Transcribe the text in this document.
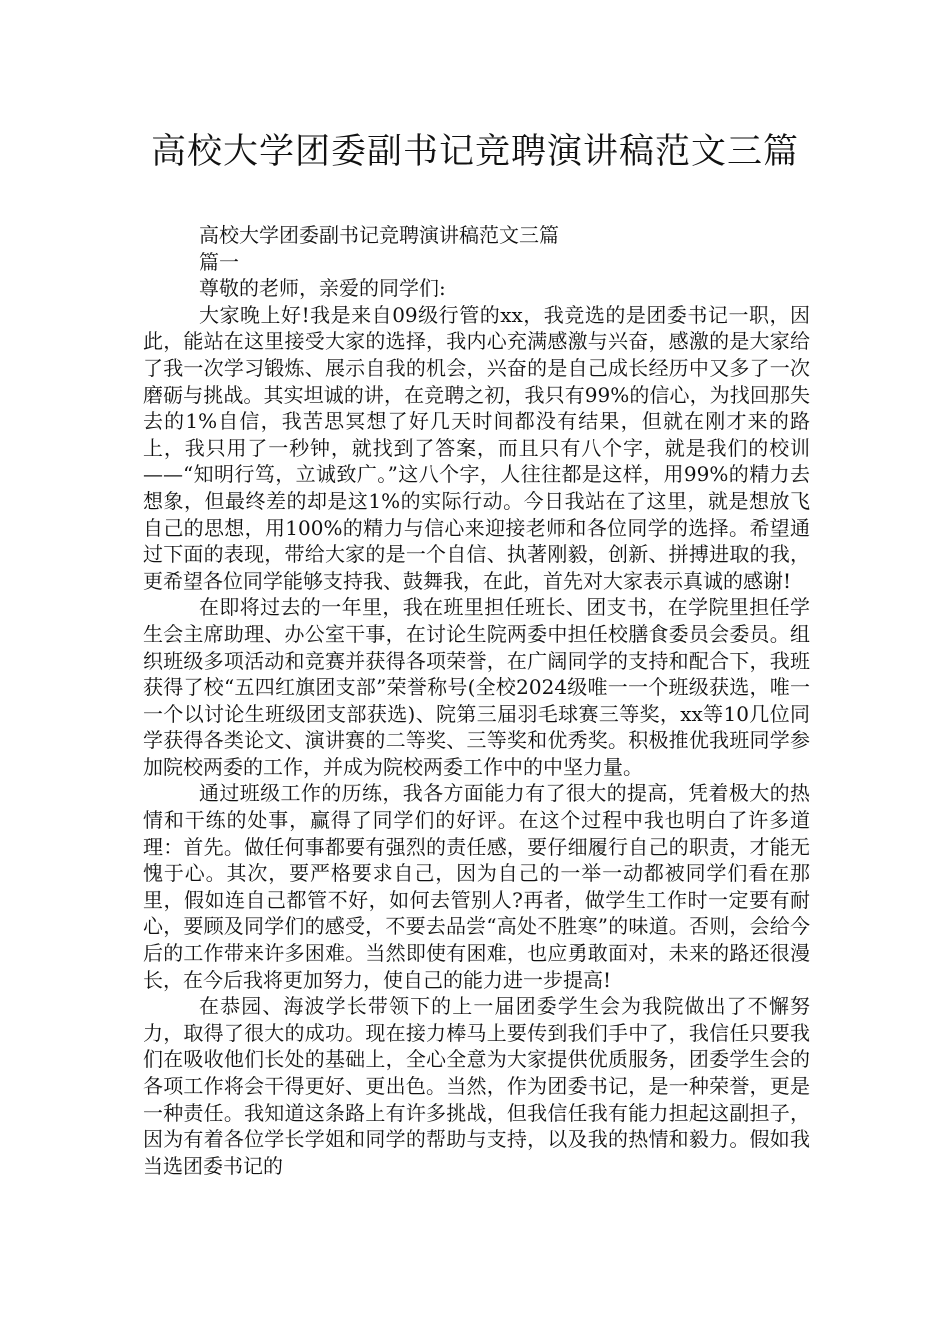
高校大学团委副书记竞聘演讲稿范文三篇

高校大学团委副书记竞聘演讲稿范文三篇

篇一

尊敬的老师，亲爱的同学们:

大家晚上好!我是来自09级行管的xx，我竞选的是团委书记一职，因此，能站在这里接受大家的选择，我内心充满感激与兴奋，感激的是大家给了我一次学习锻炼、展示自我的机会，兴奋的是自己成长经历中又多了一次磨砺与挑战。其实坦诚的讲，在竞聘之初，我只有99%的信心，为找回那失去的1%自信，我苦思冥想了好几天时间都没有结果，但就在刚才来的路上，我只用了一秒钟，就找到了答案，而且只有八个字，就是我们的校训——“知明行笃，立诚致广。”这八个字，人往往都是这样，用99%的精力去想象，但最终差的却是这1%的实际行动。今日我站在了这里，就是想放飞自己的思想，用100%的精力与信心来迎接老师和各位同学的选择。希望通过下面的表现，带给大家的是一个自信、执著刚毅，创新、拼搏进取的我，更希望各位同学能够支持我、鼓舞我，在此，首先对大家表示真诚的感谢!

在即将过去的一年里，我在班里担任班长、团支书，在学院里担任学生会主席助理、办公室干事，在讨论生院两委中担任校膳食委员会委员。组织班级多项活动和竞赛并获得各项荣誉，在广阔同学的支持和配合下，我班获得了校“五四红旗团支部”荣誉称号(全校2024级唯一一个班级获选，唯一一个以讨论生班级团支部获选)、院第三届羽毛球赛三等奖，xx等10几位同学获得各类论文、演讲赛的二等奖、三等奖和优秀奖。积极推优我班同学参加院校两委的工作，并成为院校两委工作中的中坚力量。

通过班级工作的历练，我各方面能力有了很大的提高，凭着极大的热情和干练的处事，赢得了同学们的好评。在这个过程中我也明白了许多道理：首先。做任何事都要有强烈的责任感，要仔细履行自己的职责，才能无愧于心。其次，要严格要求自己，因为自己的一举一动都被同学们看在那里，假如连自己都管不好，如何去管别人?再者，做学生工作时一定要有耐心，要顾及同学们的感受，不要去品尝“高处不胜寒”的味道。否则，会给今后的工作带来许多困难。当然即使有困难，也应勇敢面对，未来的路还很漫长，在今后我将更加努力，使自己的能力进一步提高!

在恭园、海波学长带领下的上一届团委学生会为我院做出了不懈努力，取得了很大的成功。现在接力棒马上要传到我们手中了，我信任只要我们在吸收他们长处的基础上，全心全意为大家提供优质服务，团委学生会的各项工作将会干得更好、更出色。当然，作为团委书记，是一种荣誉，更是一种责任。我知道这条路上有许多挑战，但我信任我有能力担起这副担子，因为有着各位学长学姐和同学的帮助与支持，以及我的热情和毅力。假如我当选团委书记的
